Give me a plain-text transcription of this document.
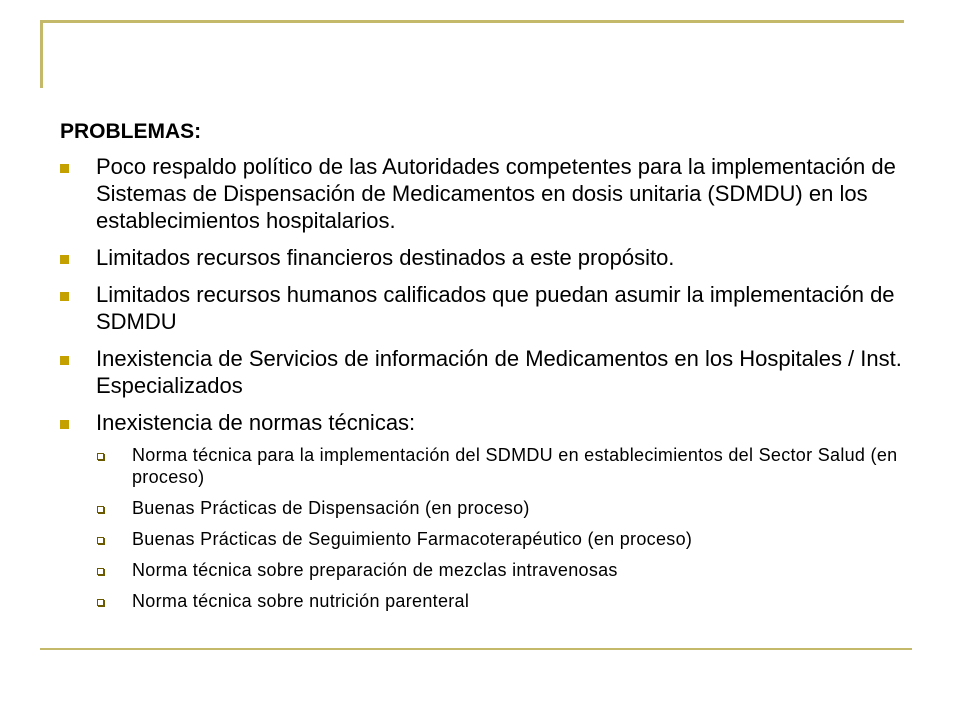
PROBLEMAS:
Poco respaldo político de las Autoridades competentes para la implementación de Sistemas de Dispensación de Medicamentos en dosis unitaria (SDMDU) en los establecimientos hospitalarios.
Limitados recursos financieros destinados a este propósito.
Limitados recursos humanos calificados que puedan asumir la implementación de SDMDU
Inexistencia de Servicios de información de Medicamentos en los Hospitales / Inst. Especializados
Inexistencia de normas técnicas:
Norma técnica para la implementación del SDMDU en establecimientos del Sector Salud (en proceso)
Buenas Prácticas de Dispensación (en proceso)
Buenas Prácticas de Seguimiento Farmacoterapéutico (en proceso)
Norma técnica sobre preparación de mezclas intravenosas
Norma técnica sobre nutrición parenteral
